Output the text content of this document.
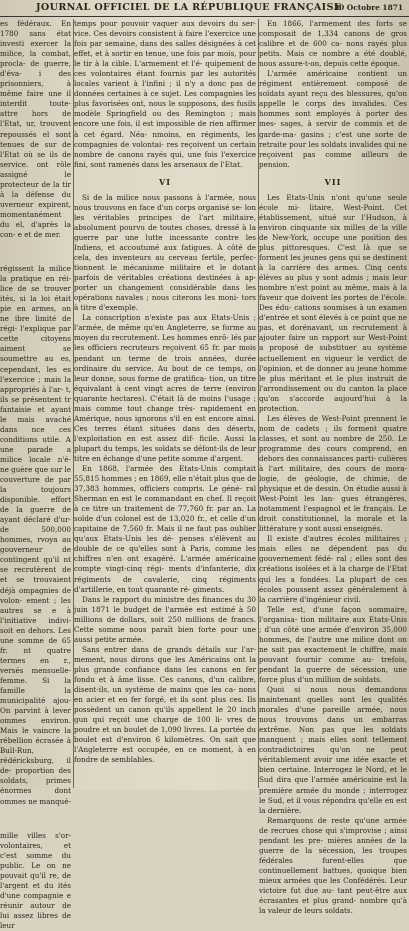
JOURNAL OFFICIEL DE LA RÉPUBLIQUE FRANÇAISE
30 Octobre 1871

es fédéraux. En 1780 sans état investi exercer la milice, la combat, procla- de guerre, d'éva- i des prisonniers, à même faire une il interdit toute- attre hors de l'Etat, ur, trouvent repoussés el sont tenues de sur de l'Etat où se ils de service. ont rôle assigné le protecteur de la tir à la défense du uverneur expirent, momentanément du el, d'après la con- e et de mer.

régissent la milice la pratique en réi- lice de se trouver ités, si la loi était pie en armes, on ne ibre limité de régi- l'explique par cette citoyens aiment se soumettre au es, cependant, les es l'exercice ; mais la appropriés à l'ar- t, ils se présentent tr fantaisie et ayant le mais avaché dans nce ces conditions utile. A une parade a milice locale n'é- ne guère que sur le couverture de par la toujours disponible. effort de la guerre de ayant déclaré d'ur- de 500,000 hommes, rvoya au gouverneur de contingent qu'il nt se recrutèrent de et se trouvaient déjà ompagnies de volon- ement ; les autres se e à l'initiative indivi- soit en dehors. Les une somme de 65 fr. nt quatre termes en r., versés mensuelle- femme. Si la famille la municipalité ajou- On parvint à lever ommes environ. Mais le vaincre la rébellion écrasée à Bull-Run, rédéricksburg, il de- proportion des soldats, primes énormes dont ommes ne manqué-

mille villes s'or- volontaires, et c'est somme du public. Le on ne pouvait qu'il re, de l'argent et du ités d'une compagnie e réunir autour de lui assez libres de leur

temps pour pouvoir vaquer aux devoirs du ser- vice. Ces devoirs consistent à faire l'exercice une fois par semaine, dans des salles désignées à cet effet, et à sortir en tenue, une fois par mois, pour le tir à la cible. L'armement et l'é- quipement de ces volontaires étant fournis par les autorités locales varient à l'infini ; il n'y a donc pas de données certaines à ce sujet. Les compagnies les plus favorisées ont, nous le supposons, des fusils modèle Springfield ou des Remington ; mais encore une fois, il est impossible de rien affirmer à cet égard. Néa- nmoins, en régiments, les compagnies de volontai- res reçoivent un certain nombre de canons rayés qui, une fois l'exercice fini, sont ramenés dans les arsenaux de l'Etat.

VI

Si de la milice nous passons à l'armée, nous nous trouvons en face d'un corps organisé se- lon les véritables principes de l'art militaire, absolument pourvu de toutes choses, dressé à la guerre par une lutte incessante contre les Indiens, et accoutumé aux fatigues. À côté de cela, des inventeurs au cerveau fertile, perfec- tionnent le mécanisme militaire et le dotant parfois de véritables créations destinées à ap- porter un changement considérable dans les opérations navales ; nous citerons les moni- tors à titre d'exemple.

La conscription n'existe pas aux Etats-Unis ; l'armée, de même qu'en Angleterre, se forme au moyen du recrutement. Les hommes enrô- lés par les officiers recruteurs reçoivent 65 fr. par mois pendant un terme de trois années, durée ordinaire du service. Au bout de ce temps, on leur donne, sous forme de gratifica- tion, un titre équivalant à cent vingt acres de terre (environ quarante hectares). C'était là de moins l'usage ; mais comme tout change très- rapidement en Amérique, nous ignorons s'il en est encore ainsi. Ces terres étant situées dans des déserts, l'exploitation en est assez dif- ficile. Aussi la plupart du temps, les soldats se défont-ils de leur titre en échange d'une petite somme d'argent.

En 1868, l'armée des Etats-Unis comptait 55,815 hommes ; en 1869, elle n'était plus que de 37,383 hommes, officiers compris. Le géné- ral Sherman en est le commandant en chef. Il reçoit à ce titre un traitement de 77,760 fr. par an. La solde d'un colonel est de 13,020 fr., et celle d'un capitaine de 7,560 fr. Mais il ne faut pas oublier qu'aux Etats-Unis les dé- penses s'élèvent au double de ce qu'elles sont à Paris, comme les chiffres n'en ont exagéré. L'armée américaine compte vingt-cinq régi- ments d'infanterie, dix régiments de cavalerie, cinq régiments d'artillerie, en tout quarante ré- giments.

Dans le rapport du ministre des finances du 30 juin 1871 le budget de l'armée est estimé à 50 millions de dollars, soit 250 millions de francs. Cette somme nous paraît bien forte pour une aussi petite armée.

Sans entrer dans de grands détails sur l'ar- mement, nous dirons que les Américains ont la plus grande confiance dans les canons en fer fondu et à âme lisse. Ces canons, d'un calibre, disent-ils, un système de mains que les ca- nons en acier et en fer forgé, et ils sont plus ces. Ils possèdent un canon qu'ils appellent le 20 inch gun qui reçoit une charge de 100 li- vres de poudre et un boulet de 1,090 livres. La portée du boulet est d'environ 6 kilomètres. On sait que l'Angleterre est occupée, en ce moment, à en fondre de semblables.

En 1866, l'armement des forts se composait de 1,334 canons de gros calibre et de 600 ca- nons rayés plus petits. Mais ce nombre a été doublé, nous assure-t-on, depuis cette époque.

L'armée américaine contient un régiment entièrement composé de soldats ayant reçu des blessures, qu'on appelle le corps des invalides. Ces hommes sont employés à porter des mes- sages, à servir de commis et de garde-ma- gasins ; c'est une sorte de retraite pour les soldats invalides qui ne reçoivent pas comme ailleurs de pension.

VII

Les Etats-Unis n'ont qu'une seule école mi- litaire, West-Point. Cet établissement, situé sur l'Hudson, à environ cinquante six milles de la ville de New-York, occupe une position des plus pittoresques. C'est là que se forment les jeunes gens qui se destinent à la carrière des armes. Cinq cents élèves au plus y sont admis ; mais leur nombre n'est point au même, mais à la faveur que doivent les portes de l'école. Des édu- cations soumises à un examen d'entrée et sont élevés à ce point que ne pas, et dorénavant, un recrutement à ajouter faire un rapport sur West-Point a proposé de substituer au système actuellement en vigueur le verdict de l'opinion, et de donner au jeune homme le plus méritant et le plus instruit de l'arrondissement ou du canton la place qu'on s'accorde aujourd'hui à la protection.

Les élèves de West-Point prennent le nom de cadets ; ils forment quatre classes, et sont au nombre de 250. Le programme des cours comprend, en dehors des connaissances parti- culières à l'art militaire, des cours de mora- logie, de géologie, de chimie, de physique et de dessin. On étudie aussi à West-Point les lan- gues étrangères, notamment l'espagnol et le français. Le droit constitutionnel, la morale et la littérature y sont aussi enseignés.

Il existe d'autres écoles militaires ; mais elles ne dépendent pas du gouvernement fédé- ral ; elles sont des créations isolées et à la charge de l'Etat qui les a fondées. La plupart de ces écoles poussent assez généralement à la carrière d'ingénieur civil.

Telle est, d'une façon sommaire, l'organisa- tion militaire aux Etats-Unis ; d'un côté une armée d'environ 35,000 hommes, de l'autre une milice dont on ne sait pas exactement le chiffre, mais pouvant fournir comme au- trefois, pendant la guerre de sécession, une force plus d'un million de soldats.

Quoi si nous nous demandons maintenant quelles sont les qualités morales d'une pareille armée, nous nous trouvons dans un embarras extrême. Non pas que les soldats manquent ; mais elles sont tellement contradictoires qu'on ne peut véritablement avoir une idée exacte et bien certaine. Interrogez le Nord, et le Sud dira que l'armée américaine est la première armée du monde ; interrogez le Sud, et il vous répondra qu'elle en est la dernière.

Remarquons de reste qu'une armée de recrues chose qui s'improvise ; ainsi pendant les pre- mières années de la guerre de la sécession, les troupes fédérales furent-elles que continuellement battues, quoique bien mieux armées que les Confédérés. Leur victoire fut due au- tant peut-être aux écrasantes et plus grand- nombre qu'à la valeur de leurs soldats.
